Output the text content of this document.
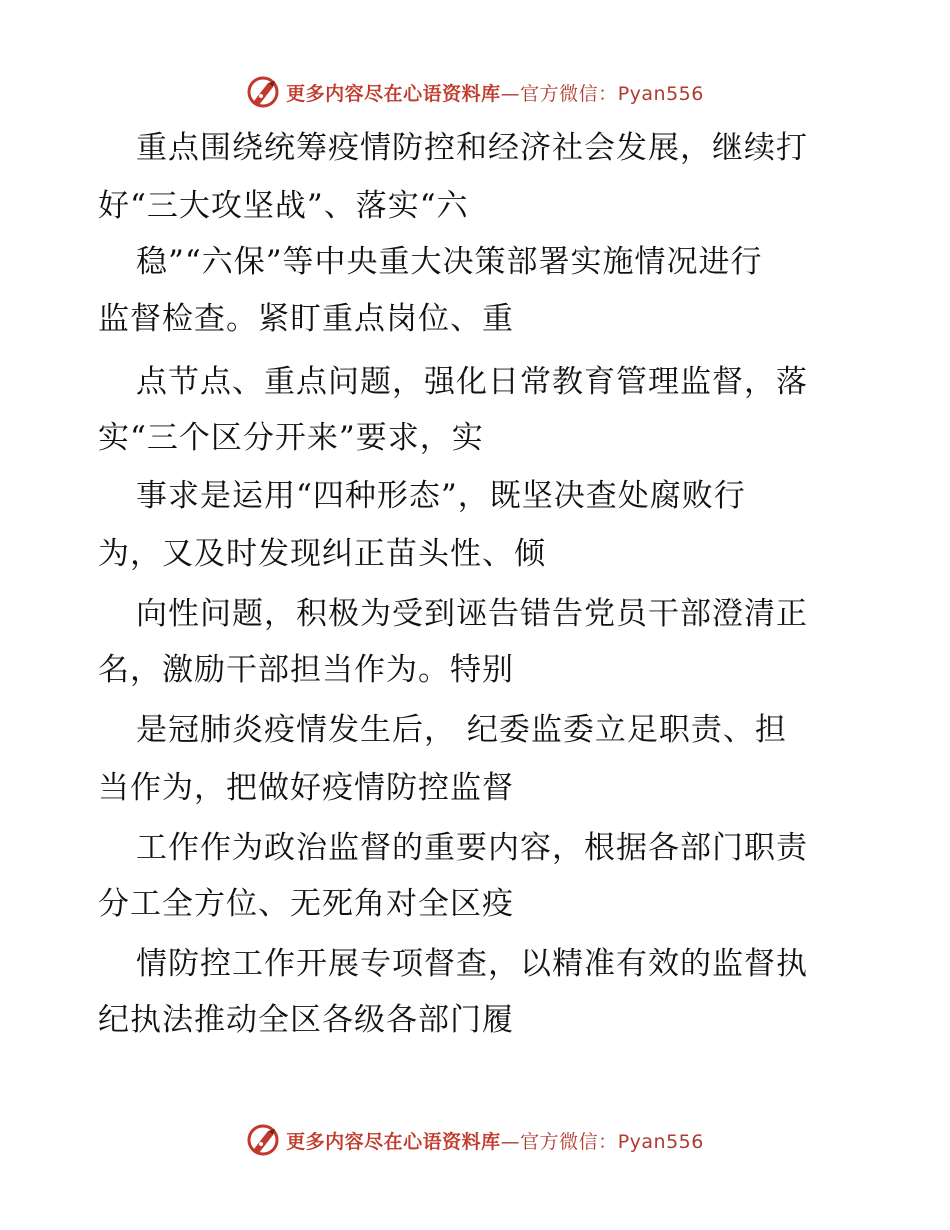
更多内容尽在心语资料库—官方微信：Pyan556
重点围绕统筹疫情防控和经济社会发展，继续打
好“三大攻坚战”、落实“六
稳”“六保”等中央重大决策部署实施情况进行
监督检查。紧盯重点岗位、重
点节点、重点问题，强化日常教育管理监督，落
实“三个区分开来”要求，实
事求是运用“四种形态”，既坚决查处腐败行
为，又及时发现纠正苗头性、倾
向性问题，积极为受到诬告错告党员干部澄清正
名，激励干部担当作为。特别
是冠肺炎疫情发生后， 纪委监委立足职责、担
当作为，把做好疫情防控监督
工作作为政治监督的重要内容，根据各部门职责
分工全方位、无死角对全区疫
情防控工作开展专项督查，以精准有效的监督执
纪执法推动全区各级各部门履
更多内容尽在心语资料库—官方微信：Pyan556
